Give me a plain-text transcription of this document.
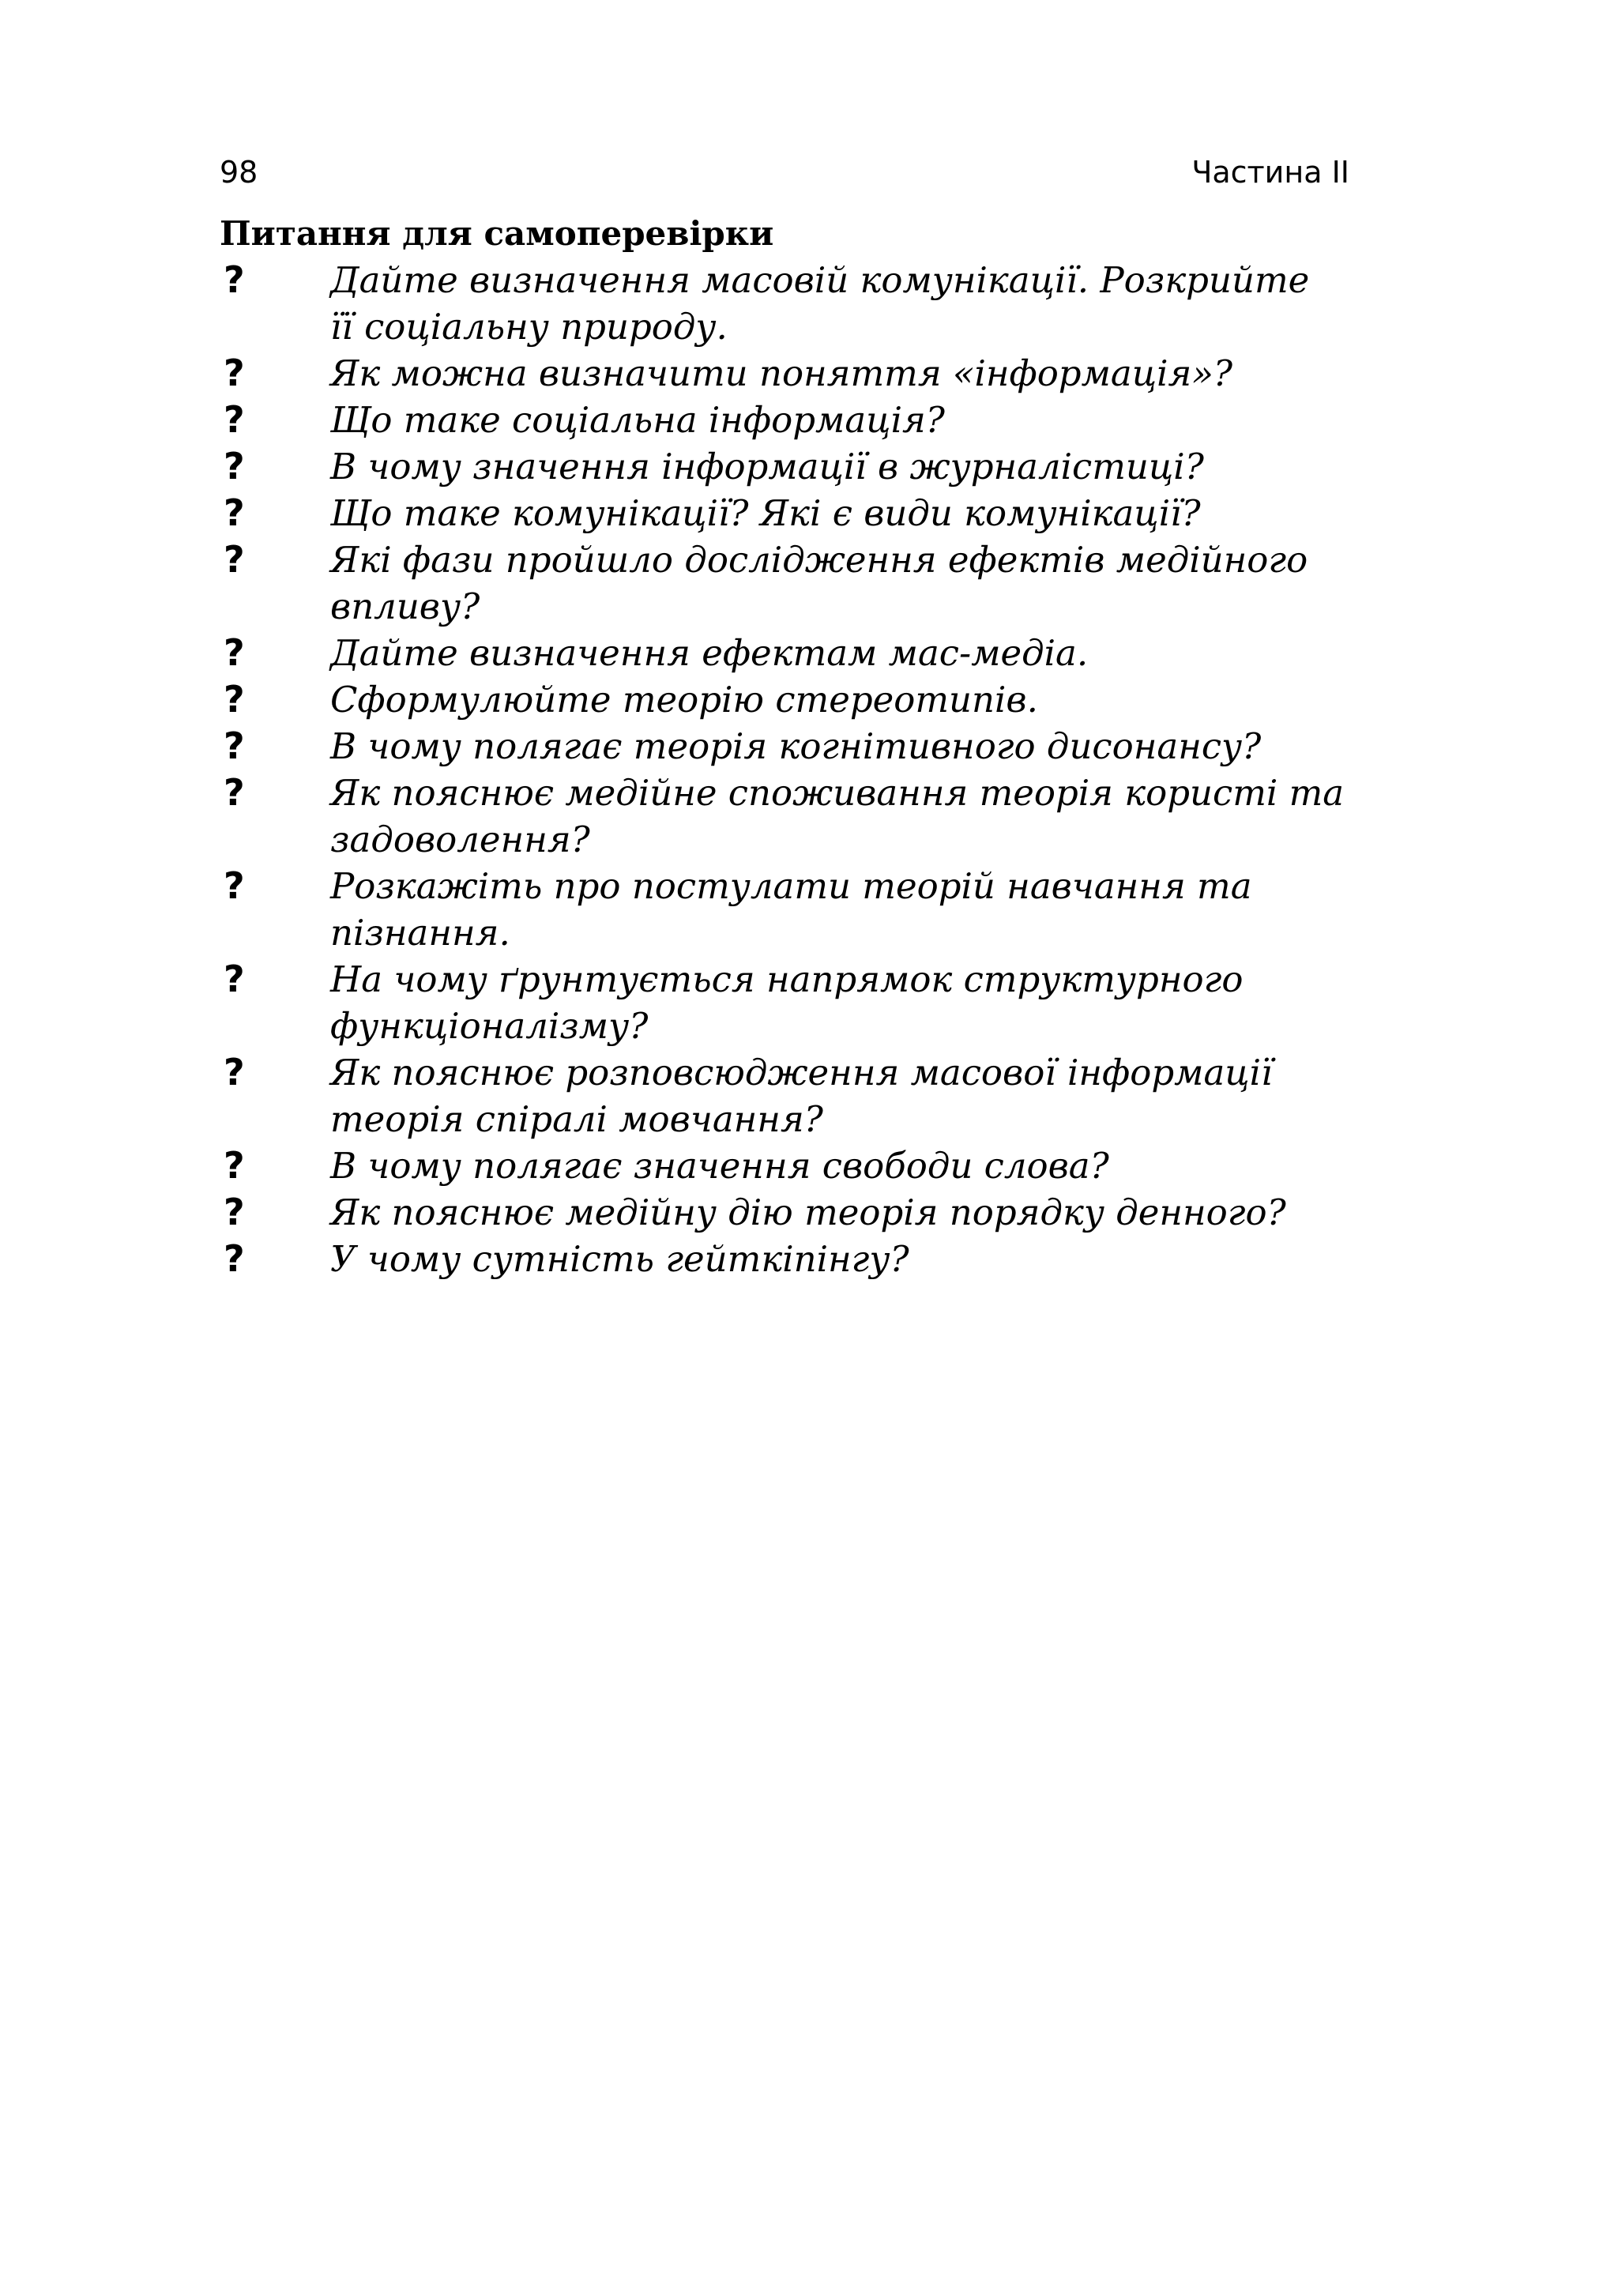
98	Частина ІІ
Питання для самоперевірки
? Дайте визначення масовій комунікації. Розкрийте
її соціальну природу.
? Як можна визначити поняття «інформація»?
? Що таке соціальна інформація?
? В чому значення інформації в журналістиці?
? Що таке комунікації? Які є види комунікації?
? Які фази пройшло дослідження ефектів медійного
впливу?
? Дайте визначення ефектам мас-медіа.
? Сформулюйте теорію стереотипів.
? В чому полягає теорія когнітивного дисонансу?
? Як пояснює медійне споживання теорія користі та
задоволення?
? Розкажіть про постулати теорій навчання та
пізнання.
? На чому ґрунтується напрямок структурного
функціоналізму?
? Як пояснює розповсюдження масової інформації
теорія спіралі мовчання?
? В чому полягає значення свободи слова?
? Як пояснює медійну дію теорія порядку денного?
? У чому сутність гейткіпінгу?
